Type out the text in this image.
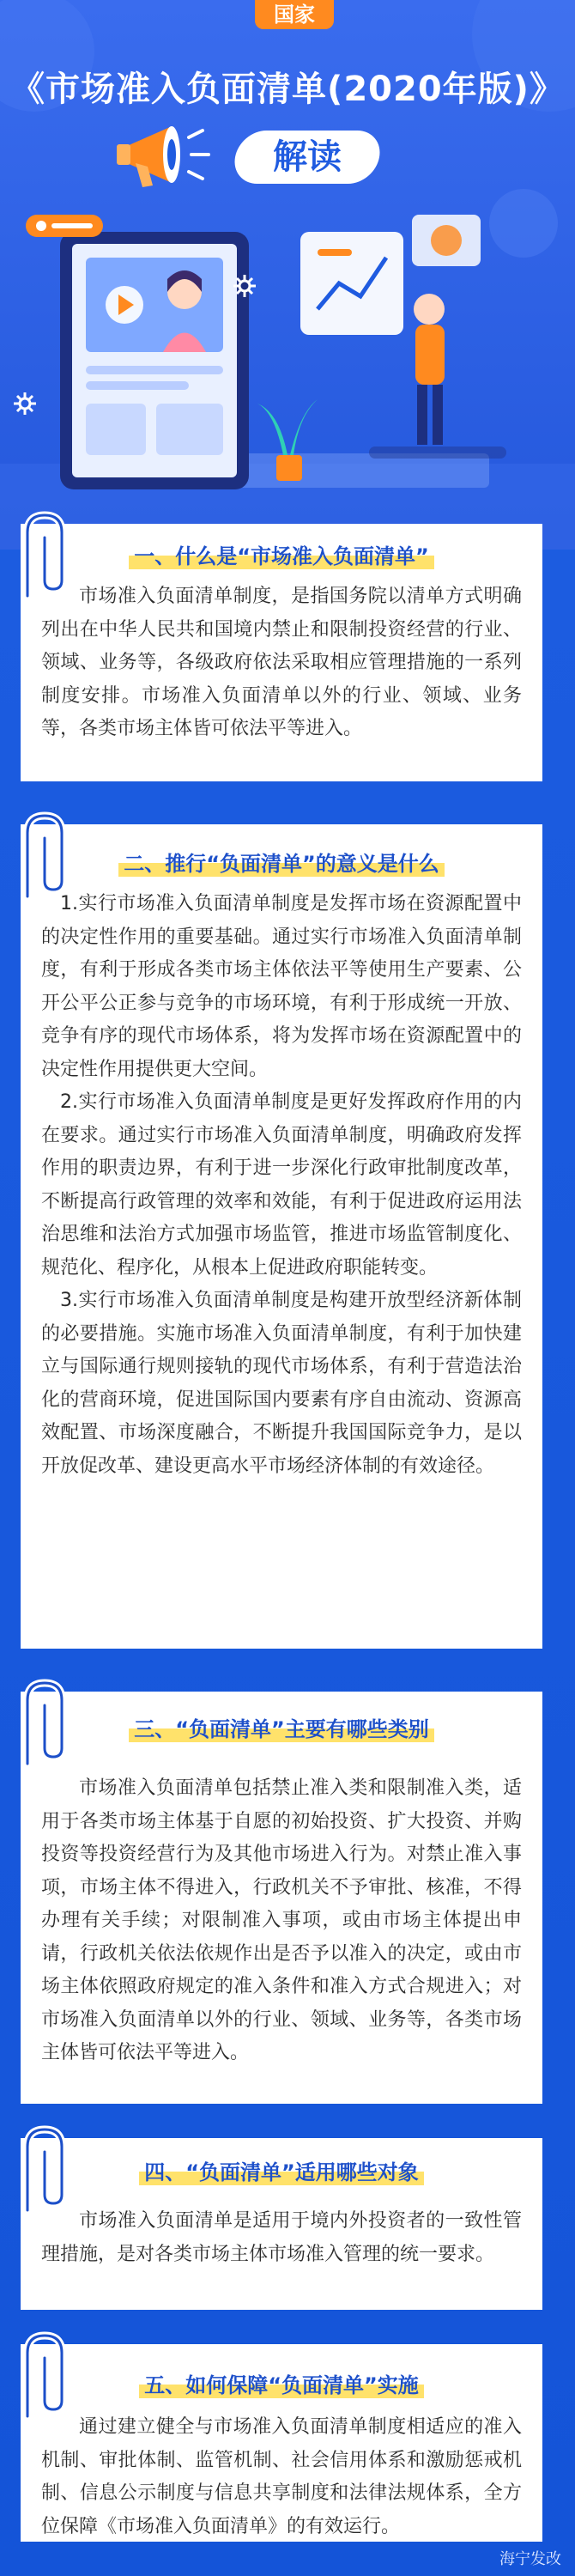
国家
《市场准入负面清单(2020年版)》
解读
一、什么是“市场准入负面清单”

市场准入负面清单制度，是指国务院以清单方式明确列出在中华人民共和国境内禁止和限制投资经营的行业、领域、业务等，各级政府依法采取相应管理措施的一系列制度安排。市场准入负面清单以外的行业、领域、业务等，各类市场主体皆可依法平等进入。

二、推行“负面清单”的意义是什么

1.实行市场准入负面清单制度是发挥市场在资源配置中的决定性作用的重要基础。通过实行市场准入负面清单制度，有利于形成各类市场主体依法平等使用生产要素、公开公平公正参与竞争的市场环境，有利于形成统一开放、竞争有序的现代市场体系，将为发挥市场在资源配置中的决定性作用提供更大空间。

2.实行市场准入负面清单制度是更好发挥政府作用的内在要求。通过实行市场准入负面清单制度，明确政府发挥作用的职责边界，有利于进一步深化行政审批制度改革，不断提高行政管理的效率和效能，有利于促进政府运用法治思维和法治方式加强市场监管，推进市场监管制度化、规范化、程序化，从根本上促进政府职能转变。

3.实行市场准入负面清单制度是构建开放型经济新体制的必要措施。实施市场准入负面清单制度，有利于加快建立与国际通行规则接轨的现代市场体系，有利于营造法治化的营商环境，促进国际国内要素有序自由流动、资源高效配置、市场深度融合，不断提升我国国际竞争力，是以开放促改革、建设更高水平市场经济体制的有效途径。

三、“负面清单”主要有哪些类别

市场准入负面清单包括禁止准入类和限制准入类，适用于各类市场主体基于自愿的初始投资、扩大投资、并购投资等投资经营行为及其他市场进入行为。对禁止准入事项，市场主体不得进入，行政机关不予审批、核准，不得办理有关手续；对限制准入事项，或由市场主体提出申请，行政机关依法依规作出是否予以准入的决定，或由市场主体依照政府规定的准入条件和准入方式合规进入；对市场准入负面清单以外的行业、领域、业务等，各类市场主体皆可依法平等进入。

四、“负面清单”适用哪些对象

市场准入负面清单是适用于境内外投资者的一致性管理措施，是对各类市场主体市场准入管理的统一要求。

五、如何保障“负面清单”实施

通过建立健全与市场准入负面清单制度相适应的准入机制、审批体制、监管机制、社会信用体系和激励惩戒机制、信息公示制度与信息共享制度和法律法规体系，全方位保障《市场准入负面清单》的有效运行。

海宁发改
